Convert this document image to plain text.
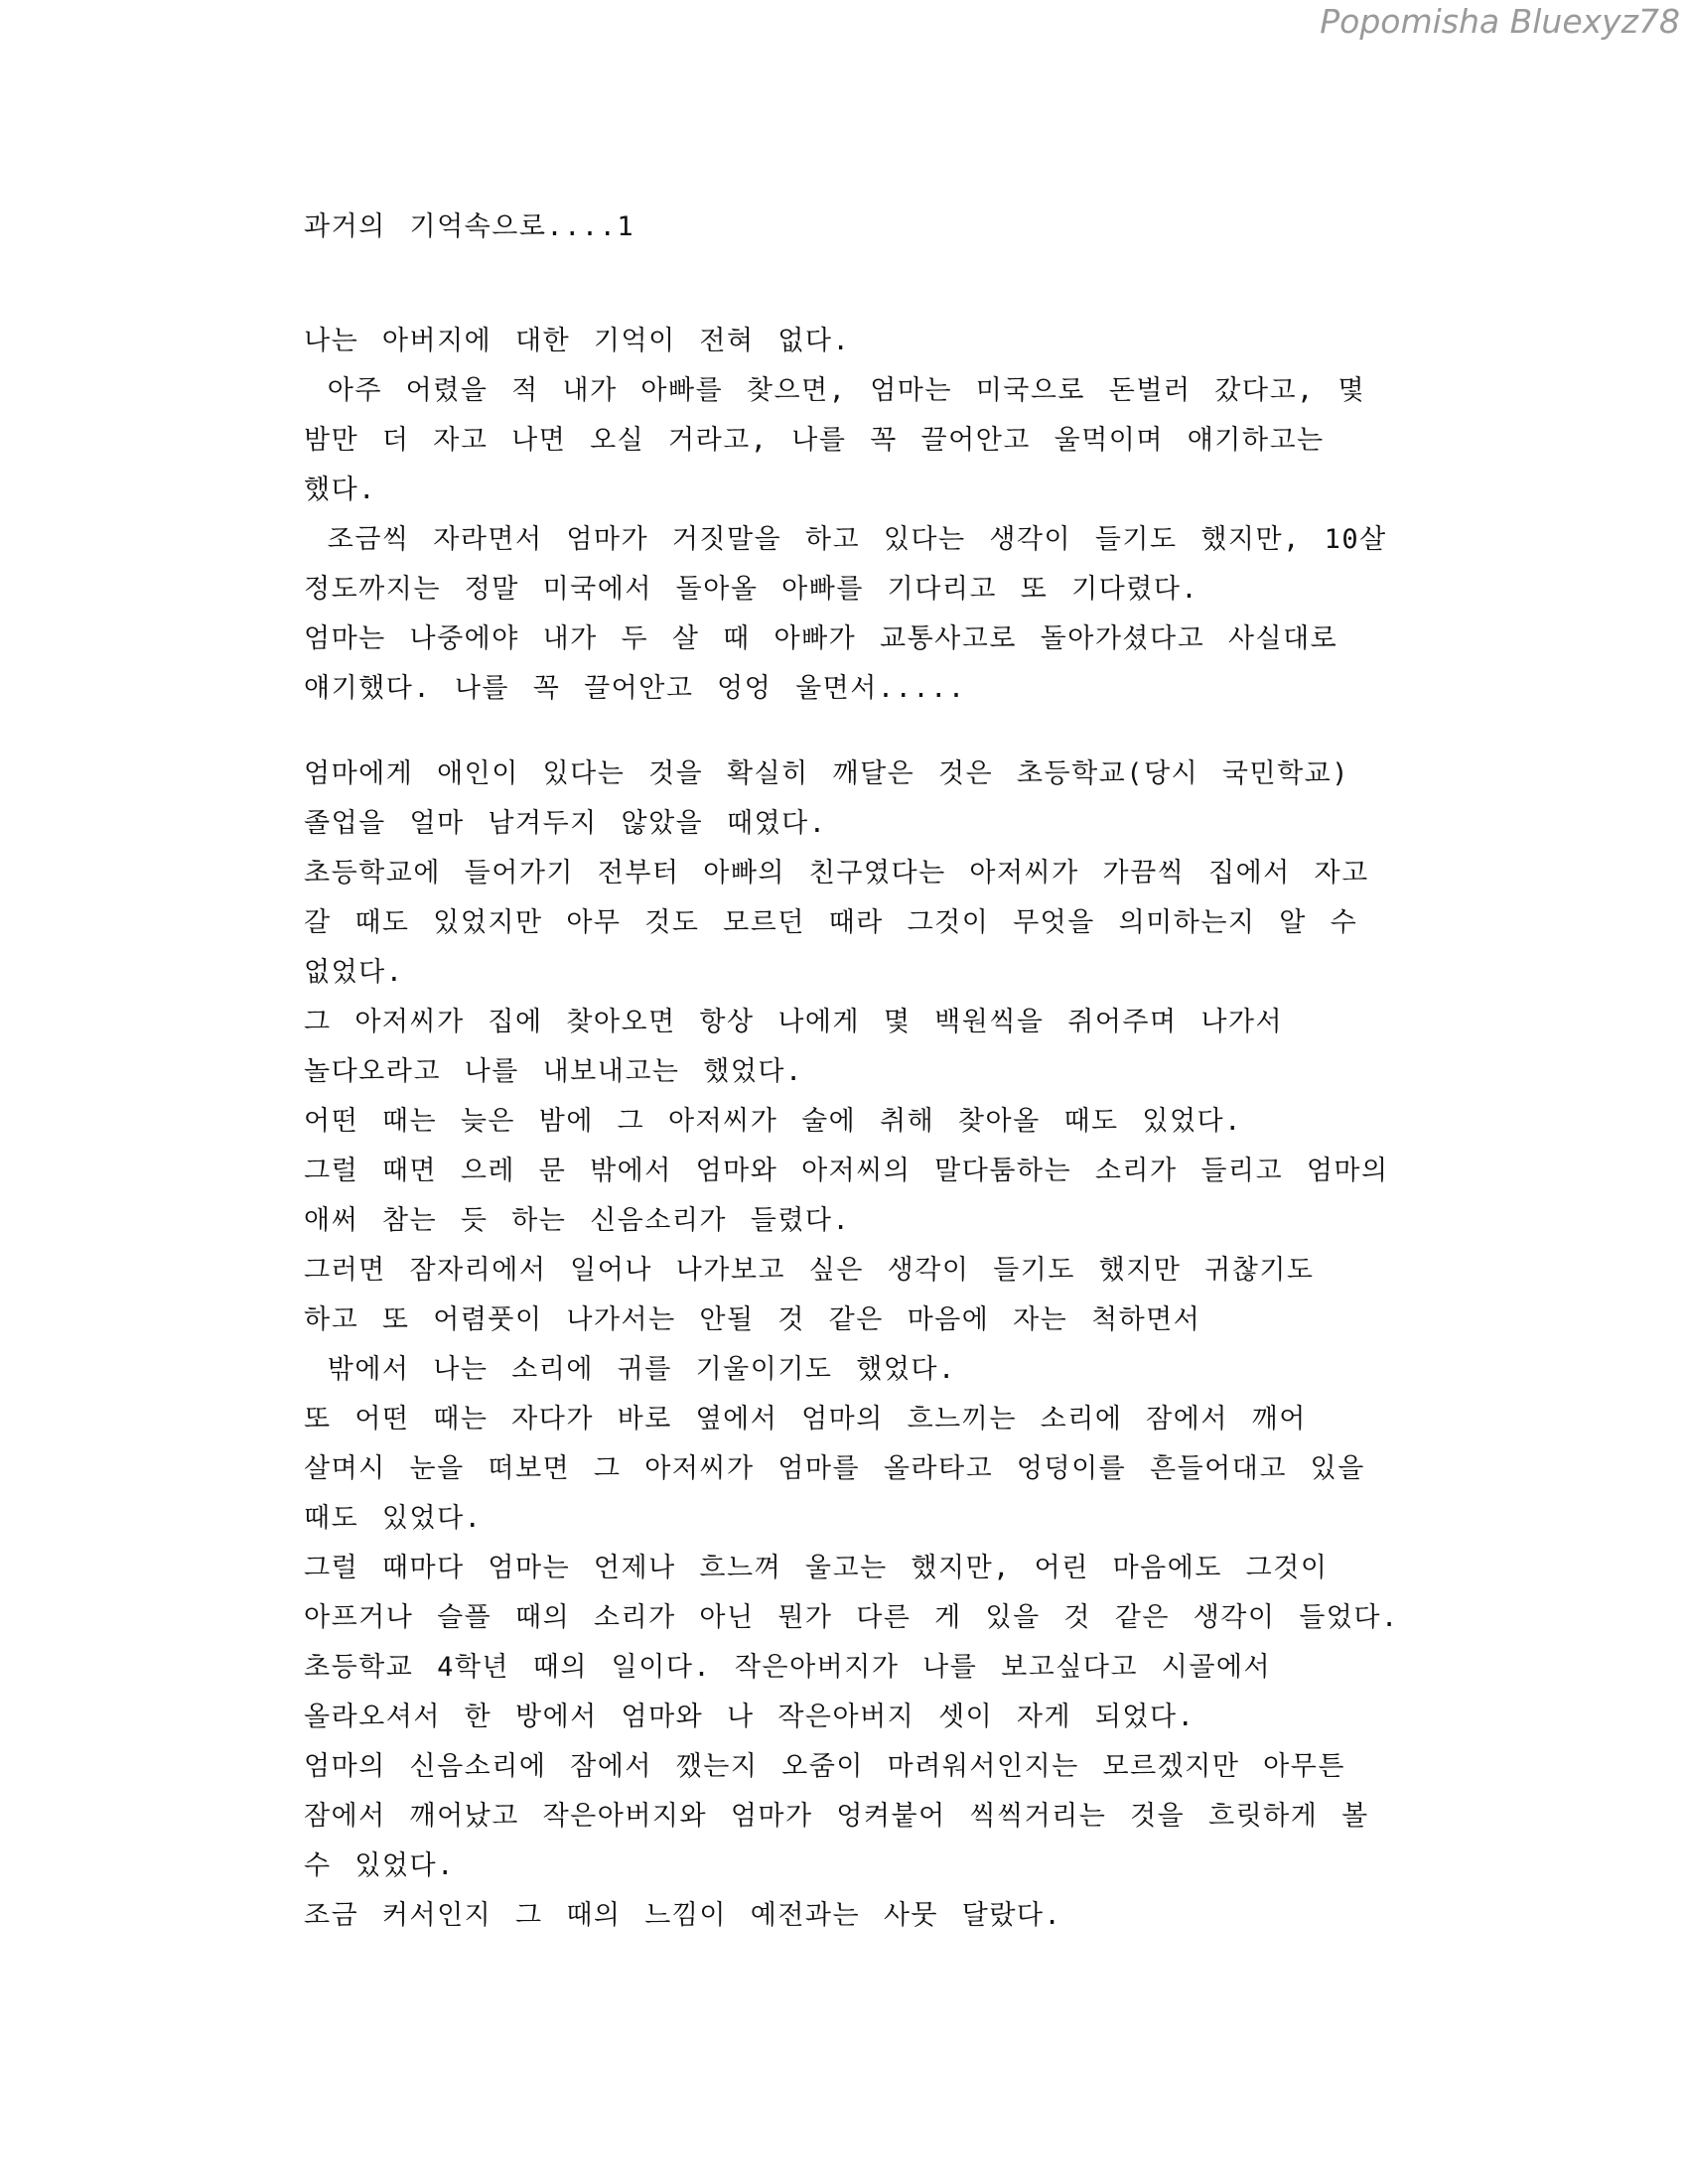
Popomisha Bluexyz78

과거의 기억속으로....1

나는 아버지에 대한 기억이 전혀 없다.

아주 어렸을 적 내가 아빠를 찾으면, 엄마는 미국으로 돈벌러 갔다고, 몇

밤만 더 자고 나면 오실 거라고, 나를 꼭 끌어안고 울먹이며 얘기하고는

했다.

조금씩 자라면서 엄마가 거짓말을 하고 있다는 생각이 들기도 했지만, 10살

정도까지는 정말 미국에서 돌아올 아빠를 기다리고 또 기다렸다.

엄마는 나중에야 내가 두 살 때 아빠가 교통사고로 돌아가셨다고 사실대로

얘기했다. 나를 꼭 끌어안고 엉엉 울면서.....

엄마에게 애인이 있다는 것을 확실히 깨달은 것은 초등학교(당시 국민학교)

졸업을 얼마 남겨두지 않았을 때였다.

초등학교에 들어가기 전부터 아빠의 친구였다는 아저씨가 가끔씩 집에서 자고

갈 때도 있었지만 아무 것도 모르던 때라 그것이 무엇을 의미하는지 알 수

없었다.

그 아저씨가 집에 찾아오면 항상 나에게 몇 백원씩을 쥐어주며 나가서

놀다오라고 나를 내보내고는 했었다.

어떤 때는 늦은 밤에 그 아저씨가 술에 취해 찾아올 때도 있었다.

그럴 때면 으레 문 밖에서 엄마와 아저씨의 말다툼하는 소리가 들리고 엄마의

애써 참는 듯 하는 신음소리가 들렸다.

그러면 잠자리에서 일어나 나가보고 싶은 생각이 들기도 했지만 귀찮기도

하고 또 어렴풋이 나가서는 안될 것 같은 마음에 자는 척하면서

밖에서 나는 소리에 귀를 기울이기도 했었다.

또 어떤 때는 자다가 바로 옆에서 엄마의 흐느끼는 소리에 잠에서 깨어

살며시 눈을 떠보면 그 아저씨가 엄마를 올라타고 엉덩이를 흔들어대고 있을

때도 있었다.

그럴 때마다 엄마는 언제나 흐느껴 울고는 했지만, 어린 마음에도 그것이

아프거나 슬플 때의 소리가 아닌 뭔가 다른 게 있을 것 같은 생각이 들었다.

초등학교 4학년 때의 일이다. 작은아버지가 나를 보고싶다고 시골에서

올라오셔서 한 방에서 엄마와 나 작은아버지 셋이 자게 되었다.

엄마의 신음소리에 잠에서 깼는지 오줌이 마려워서인지는 모르겠지만 아무튼

잠에서 깨어났고 작은아버지와 엄마가 엉켜붙어 씩씩거리는 것을 흐릿하게 볼

수 있었다.

조금 커서인지 그 때의 느낌이 예전과는 사뭇 달랐다.
